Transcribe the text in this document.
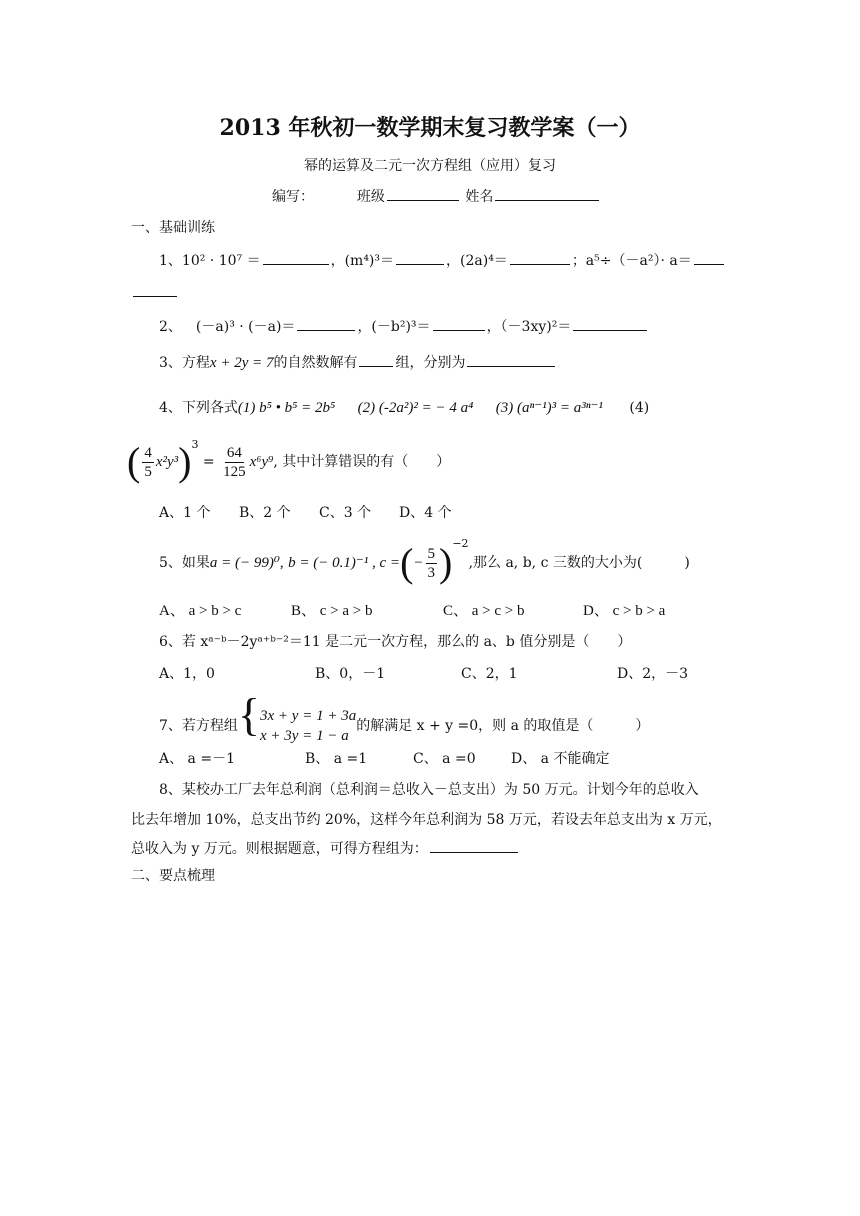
2013 年秋初一数学期末复习教学案（一）
幂的运算及二元一次方程组（应用）复习
编写：	班级	姓名
一、基础训练
1、10² · 10⁷ ＝	，(m⁴)³＝	，(2a)⁴＝	；a⁵÷（－a²）· a＝
2、 (－a)³ · (－a)＝	，(－b²)³＝	，（－3xy)²＝
3、方程x + 2y = 7的自然数解有	组，分别为
4、下列各式(1) b⁵ • b⁵ = 2b⁵ (2) (-2a²)² = − 4 a⁴ (3) (aⁿ⁻¹)³ = a³ⁿ⁻¹ (4)
( $\frac{4}{5} x^2y^3)^3 = \frac{64}{125} x^6y^9$, 其中计算错误的有（　　）
A、1 个 B、2 个 C、3 个 D、4 个
5、如果a = (− 99)⁰, b = (− 0.1)⁻¹ , c =(− $\frac{5}{3} )^{-2}$,那么 a, b, c 三数的大小为(　　　)
A、 a > b > c	B、 c > a > b	C、 a > c > b	D、 c > b > a
6、若 xᵃ⁻ᵇ－2yᵃ⁺ᵇ⁻²＝11 是二元一次方程，那么的 a、b 值分别是（　　）
A、1，0	B、0，－1	C、2，1	D、2，－3
7、若方程组{ 3x + y = 1 + 3a
x + 3y = 1 − a
的解满足 x + y =0，则 a 的取值是（　　　）
A、 a =－1	B、 a =1	C、 a =0	D、 a 不能确定
8、某校办工厂去年总利润（总利润＝总收入－总支出）为 50 万元。计划今年的总收入
比去年增加 10%，总支出节约 20%，这样今年总利润为 58 万元，若设去年总支出为 x 万元，
总收入为 y 万元。则根据题意，可得方程组为：
二、要点梳理
